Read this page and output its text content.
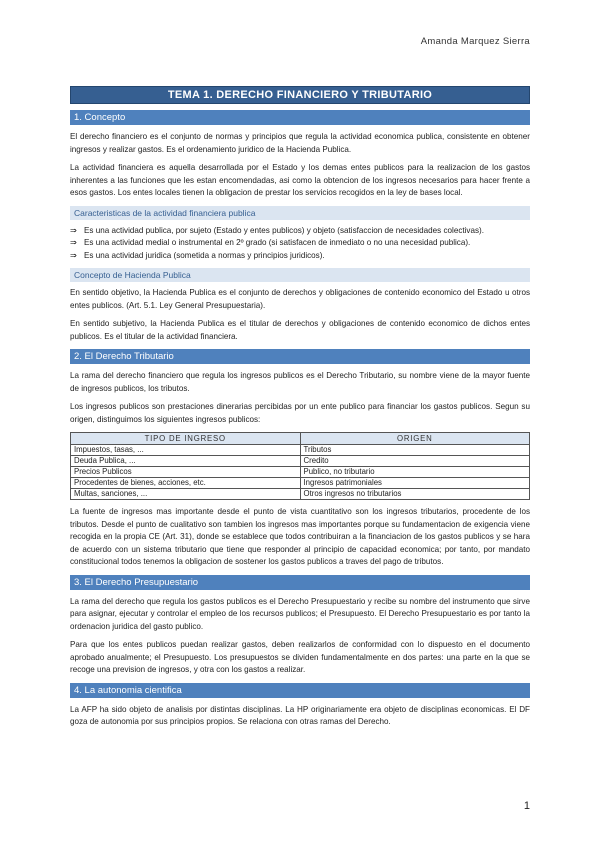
Amanda Marquez Sierra
TEMA 1. DERECHO FINANCIERO Y TRIBUTARIO
1. Concepto

El derecho financiero es el conjunto de normas y principios que regula la actividad economica publica, consistente en obtener ingresos y realizar gastos. Es el ordenamiento juridico de la Hacienda Publica.

La actividad financiera es aquella desarrollada por el Estado y los demas entes publicos para la realizacion de los gastos inherentes a las funciones que les estan encomendadas, asi como la obtencion de los ingresos necesarios para hacer frente a esos gastos. Los entes locales tienen la obligacion de prestar los servicios recogidos en la ley de bases local.

Caracteristicas de la actividad financiera publica
⇒ Es una actividad publica, por sujeto (Estado y entes publicos) y objeto (satisfaccion de necesidades colectivas).
⇒ Es una actividad medial o instrumental en 2º grado (si satisfacen de inmediato o no una necesidad publica).
⇒ Es una actividad juridica (sometida a normas y principios juridicos).
Concepto de Hacienda Publica

En sentido objetivo, la Hacienda Publica es el conjunto de derechos y obligaciones de contenido economico del Estado u otros entes publicos. (Art. 5.1. Ley General Presupuestaria).

En sentido subjetivo, la Hacienda Publica es el titular de derechos y obligaciones de contenido economico de dichos entes publicos. Es el titular de la actividad financiera.

2. El Derecho Tributario

La rama del derecho financiero que regula los ingresos publicos es el Derecho Tributario, su nombre viene de la mayor fuente de ingresos publicos, los tributos.

Los ingresos publicos son prestaciones dinerarias percibidas por un ente publico para financiar los gastos publicos. Segun su origen, distinguimos los siguientes ingresos publicos:

TIPO DE INGRESO	ORIGEN
Impuestos, tasas, ...	Tributos
Deuda Publica, ...	Credito
Precios Publicos	Publico, no tributario
Procedentes de bienes, acciones, etc.	Ingresos patrimoniales
Multas, sanciones, ...	Otros ingresos no tributarios

La fuente de ingresos mas importante desde el punto de vista cuantitativo son los ingresos tributarios, procedente de los tributos. Desde el punto de cualitativo son tambien los ingresos mas importantes porque su fundamentacion de exigencia viene recogida en la propia CE (Art. 31), donde se establece que todos contribuiran a la financiacion de los gastos publicos y se hara de acuerdo con un sistema tributario que tiene que responder al principio de capacidad economica; por tanto, por mandato constitucional todos tenemos la obligacion de sostener los gastos publicos a traves del pago de tributos.

3. El Derecho Presupuestario

La rama del derecho que regula los gastos publicos es el Derecho Presupuestario y recibe su nombre del instrumento que sirve para asignar, ejecutar y controlar el empleo de los recursos publicos; el Presupuesto. El Derecho Presupuestario es por tanto la ordenacion juridica del gasto publico.

Para que los entes publicos puedan realizar gastos, deben realizarlos de conformidad con lo dispuesto en el documento aprobado anualmente; el Presupuesto. Los presupuestos se dividen fundamentalmente en dos partes: una parte en la que se recoge una prevision de ingresos, y otra con los gastos a realizar.

4. La autonomia cientifica

La AFP ha sido objeto de analisis por distintas disciplinas. La HP originariamente era objeto de disciplinas economicas. El DF goza de autonomia por sus principios propios. Se relaciona con otras ramas del Derecho.

1
